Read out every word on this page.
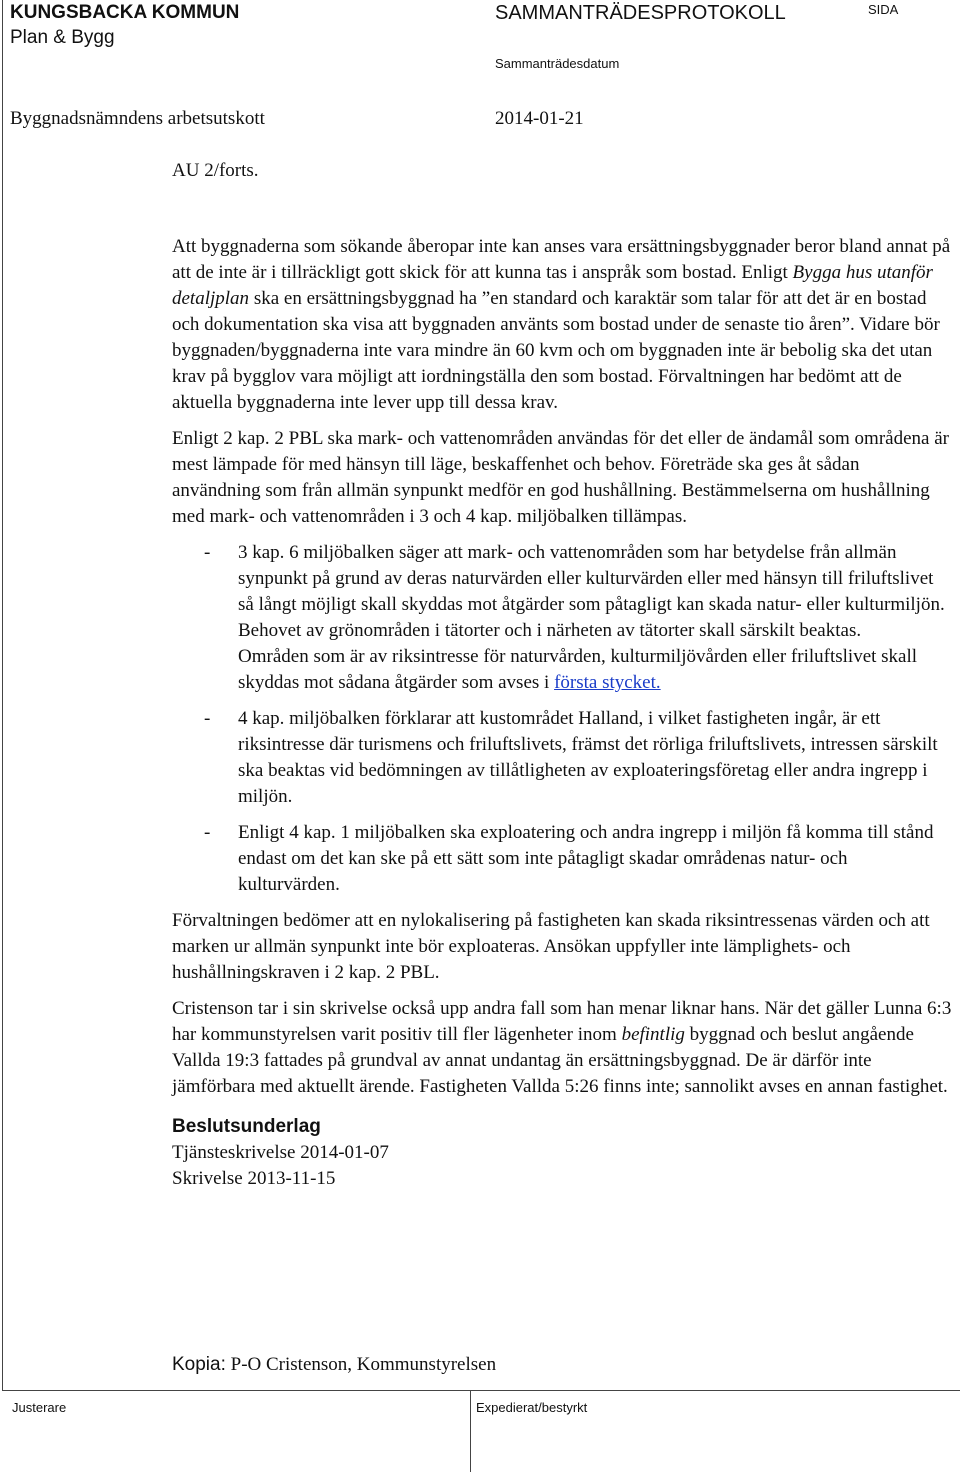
KUNGSBACKA KOMMUN
Plan & Bygg
SAMMANTRÄDESPROTOKOLL	SIDA
Sammanträdesdatum
Byggnadsnämndens arbetsutskott	2014-01-21
AU 2/forts.

Att byggnaderna som sökande åberopar inte kan anses vara ersättningsbyggnader beror bland annat på att de inte är i tillräckligt gott skick för att kunna tas i anspråk som bostad. Enligt Bygga hus utanför detaljplan ska en ersättningsbyggnad ha ”en standard och karaktär som talar för att det är en bostad och dokumentation ska visa att byggnaden använts som bostad under de senaste tio åren”. Vidare bör byggnaden/byggnaderna inte vara mindre än 60 kvm och om byggnaden inte är bebolig ska det utan krav på bygglov vara möjligt att iordningställa den som bostad. Förvaltningen har bedömt att de aktuella byggnaderna inte lever upp till dessa krav.

Enligt 2 kap. 2 PBL ska mark- och vattenområden användas för det eller de ändamål som områdena är mest lämpade för med hänsyn till läge, beskaffenhet och behov. Företräde ska ges åt sådan användning som från allmän synpunkt medför en god hushållning. Bestämmelserna om hushållning med mark- och vattenområden i 3 och 4 kap. miljöbalken tillämpas.

-	3 kap. 6 miljöbalken säger att mark- och vattenområden som har betydelse från allmän synpunkt på grund av deras naturvärden eller kulturvärden eller med hänsyn till friluftslivet så långt möjligt skall skyddas mot åtgärder som påtagligt kan skada natur- eller kulturmiljön. Behovet av grönområden i tätorter och i närheten av tätorter skall särskilt beaktas.
Områden som är av riksintresse för naturvården, kulturmiljövården eller friluftslivet skall skyddas mot sådana åtgärder som avses i första stycket.
-	4 kap. miljöbalken förklarar att kustområdet Halland, i vilket fastigheten ingår, är ett riksintresse där turismens och friluftslivets, främst det rörliga friluftslivets, intressen särskilt ska beaktas vid bedömningen av tillåtligheten av exploateringsföretag eller andra ingrepp i miljön.
-	Enligt 4 kap. 1 miljöbalken ska exploatering och andra ingrepp i miljön få komma till stånd endast om det kan ske på ett sätt som inte påtagligt skadar områdenas natur- och kulturvärden.

Förvaltningen bedömer att en nylokalisering på fastigheten kan skada riksintressenas värden och att marken ur allmän synpunkt inte bör exploateras. Ansökan uppfyller inte lämplighets- och hushållningskraven i 2 kap. 2 PBL.

Cristenson tar i sin skrivelse också upp andra fall som han menar liknar hans. När det gäller Lunna 6:3 har kommunstyrelsen varit positiv till fler lägenheter inom befintlig byggnad och beslut angående Vallda 19:3 fattades på grundval av annat undantag än ersättningsbyggnad. De är därför inte jämförbara med aktuellt ärende. Fastigheten Vallda 5:26 finns inte; sannolikt avses en annan fastighet.

Beslutsunderlag
Tjänsteskrivelse 2014-01-07
Skrivelse 2013-11-15
Kopia: P-O Cristenson, Kommunstyrelsen
Justerare	Expedierat/bestyrkt
